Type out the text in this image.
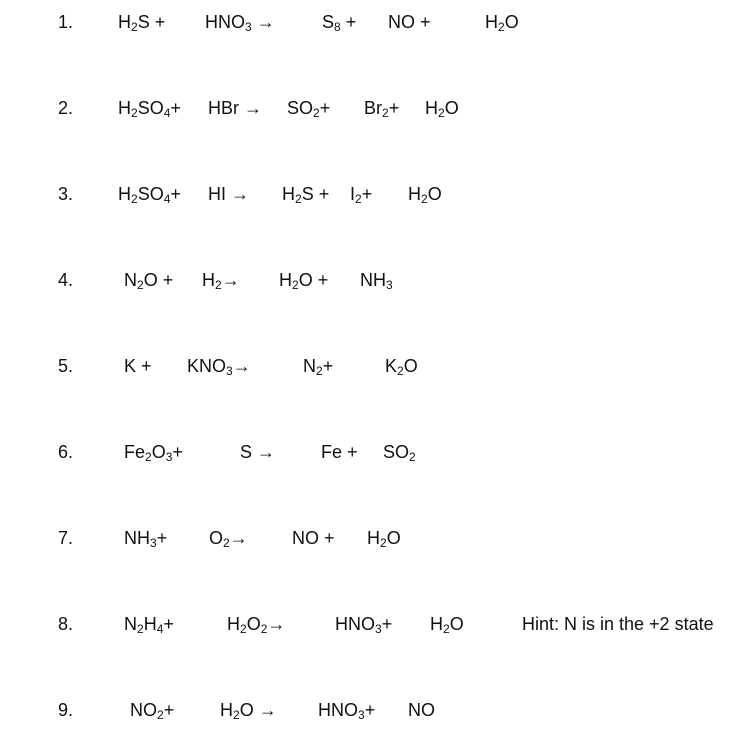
1. $H_2S + HNO_3$ →	$S_8$ + NO +	$H_2O$
2. $H_2SO_4+$ HBr → $SO_2+ Br_2+ H_2O$
3. $H_2SO_4+$ HI → $H_2S + I_2+ H_2O$
4.	$N_2O + H_2\to H_2O + NH_3$
5.	$K + KNO_3\to$	$N_2+$	$K_2O$
6.	$Fe_2O_3+$	S →	$Fe + SO_2$
7.	$NH_3+ O_2\to$ NO + $H_2O$
8.	$N_2H_4+$	$H_2O_2\to$	$HNO_3+ H_2O$	Hint: N is in the +2 state
9.	$NO_2+$	$H_2O \to HNO_3+$ NO
